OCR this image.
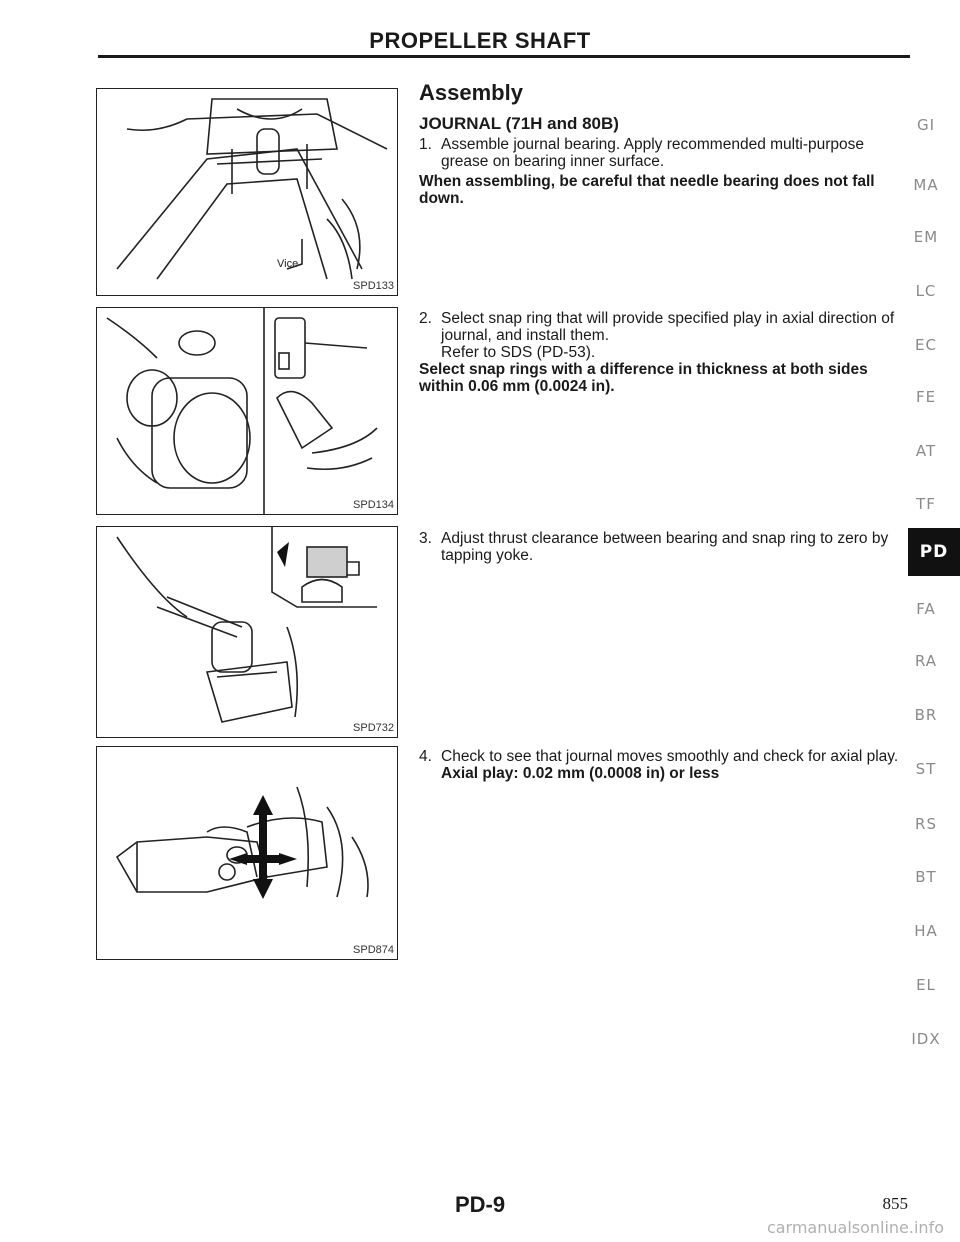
PROPELLER SHAFT
Vice
SPD133
SPD134
SPD732
SPD874
Assembly
JOURNAL (71H and 80B)
1. Assemble journal bearing. Apply recommended multi-purpose grease on bearing inner surface.
When assembling, be careful that needle bearing does not fall down.
2. Select snap ring that will provide specified play in axial direction of journal, and install them.
Refer to SDS (PD-53).
Select snap rings with a difference in thickness at both sides within 0.06 mm (0.0024 in).
3. Adjust thrust clearance between bearing and snap ring to zero by tapping yoke.
4. Check to see that journal moves smoothly and check for axial play.
Axial play: 0.02 mm (0.0008 in) or less
GI
MA
EM
LC
EC
FE
AT
TF
PD
FA
RA
BR
ST
RS
BT
HA
EL
IDX
PD-9	855
carmanualsonline.info
